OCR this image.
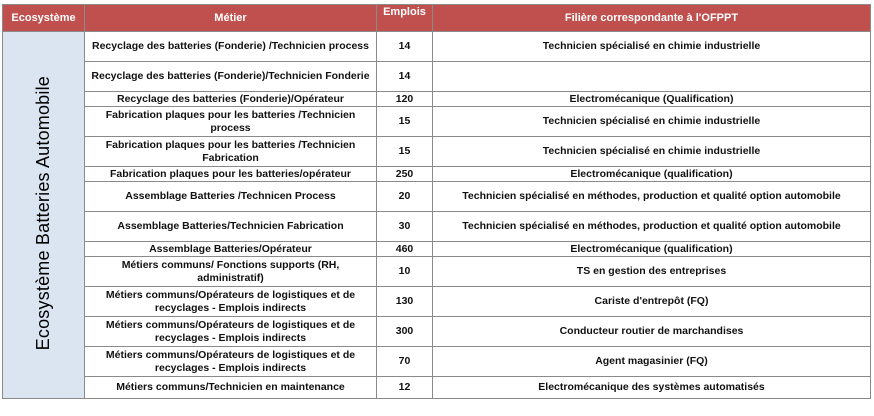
Ecosystème	Métier	Emplois	Filière correspondante à l'OFPPT
Ecosystème Batteries Automobile	Recyclage des batteries (Fonderie) /Technicien process	14	Technicien spécialisé en chimie industrielle
	Recyclage des batteries (Fonderie)/Technicien Fonderie	14	
	Recyclage des batteries (Fonderie)/Opérateur	120	Electromécanique (Qualification)
	Fabrication plaques pour les batteries /Technicien process	15	Technicien spécialisé en chimie industrielle
	Fabrication plaques pour les batteries /Technicien Fabrication	15	Technicien spécialisé en chimie industrielle
	Fabrication plaques pour les batteries/opérateur	250	Electromécanique (qualification)
	Assemblage Batteries /Technicen Process	20	Technicien spécialisé en méthodes, production et qualité option automobile
	Assemblage Batteries/Technicien Fabrication	30	Technicien spécialisé en méthodes, production et qualité option automobile
	Assemblage Batteries/Opérateur	460	Electromécanique (qualification)
	Métiers communs/ Fonctions supports (RH, administratif)	10	TS en gestion des entreprises
	Métiers communs/Opérateurs de logistiques et de recyclages - Emplois indirects	130	Cariste d'entrepôt (FQ)
	Métiers communs/Opérateurs de logistiques et de recyclages - Emplois indirects	300	Conducteur routier de marchandises
	Métiers communs/Opérateurs de logistiques et de recyclages - Emplois indirects	70	Agent magasinier (FQ)
	Métiers communs/Technicien en maintenance	12	Electromécanique des systèmes automatisés
